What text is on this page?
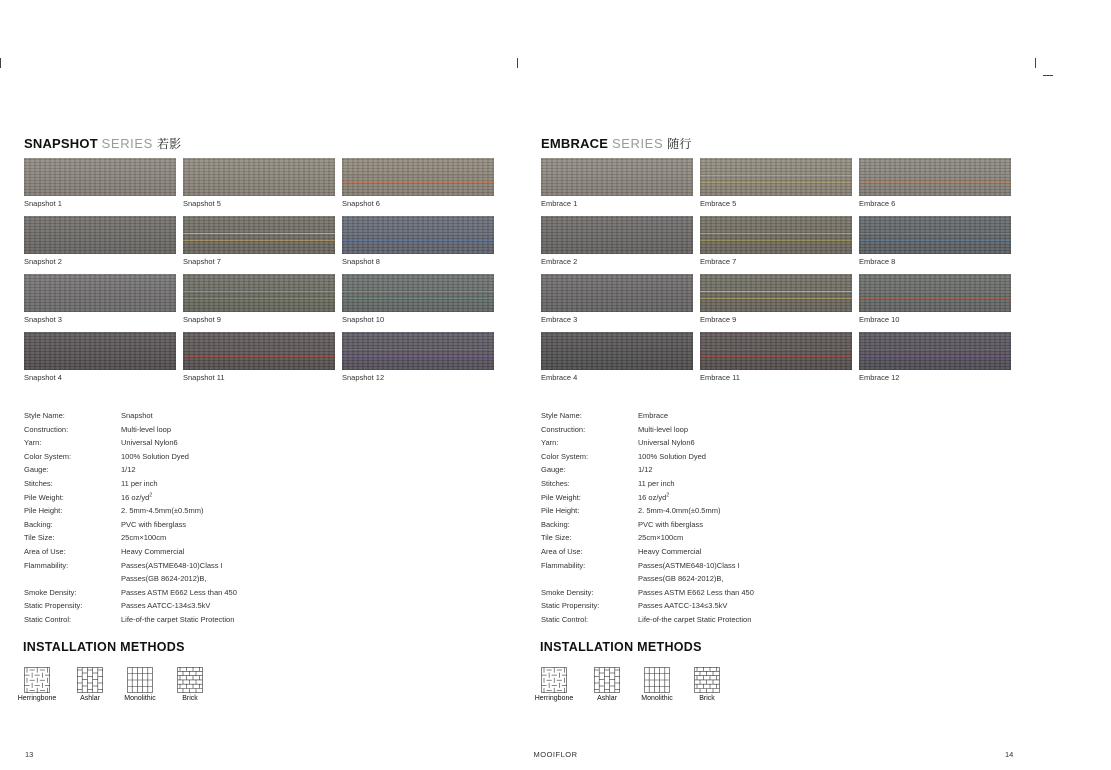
SNAPSHOT SERIES 若影
Snapshot 1	Snapshot 5	Snapshot 6
Snapshot 2	Snapshot 7	Snapshot 8
Snapshot 3	Snapshot 9	Snapshot 10
Snapshot 4	Snapshot 11	Snapshot 12
Style Name:	Snapshot
Construction:	Multi-level loop
Yarn:	Universal Nylon6
Color System:	100% Solution Dyed
Gauge:	1/12
Stitches:	11 per inch
Pile Weight:	16 $oz/yd^2$
Pile Height:	2. 5mm-4.5mm(±0.5mm)
Backing:	PVC with fiberglass
Tile Size:	25cm×100cm
Area of Use:	Heavy Commercial
Flammability:	Passes(ASTME648-10)Class I
Passes(GB 8624-2012)B,
Smoke Density:	Passes ASTM E662 Less than 450
Static Propensity:	Passes AATCC-134≤3.5kV
Static Control:	Life-of-the carpet Static Protection
INSTALLATION METHODS
Herringbone	Ashlar	Monolithic	Brick
EMBRACE SERIES 随行
Embrace 1	Embrace 5	Embrace 6
Embrace 2	Embrace 7	Embrace 8
Embrace 3	Embrace 9	Embrace 10
Embrace 4	Embrace 11	Embrace 12
Style Name:	Embrace
Construction:	Multi-level loop
Yarn:	Universal Nylon6
Color System:	100% Solution Dyed
Gauge:	1/12
Stitches:	11 per inch
Pile Weight:	16 $oz/yd^2$
Pile Height:	2. 5mm-4.0mm(±0.5mm)
Backing:	PVC with fiberglass
Tile Size:	25cm×100cm
Area of Use:	Heavy Commercial
Flammability:	Passes(ASTME648-10)Class I
Passes(GB 8624-2012)B,
Smoke Density:	Passes ASTM E662 Less than 450
Static Propensity:	Passes AATCC-134≤3.5kV
Static Control:	Life-of-the carpet Static Protection
INSTALLATION METHODS
Herringbone	Ashlar	Monolithic	Brick
13	MOOIFLOR	14
